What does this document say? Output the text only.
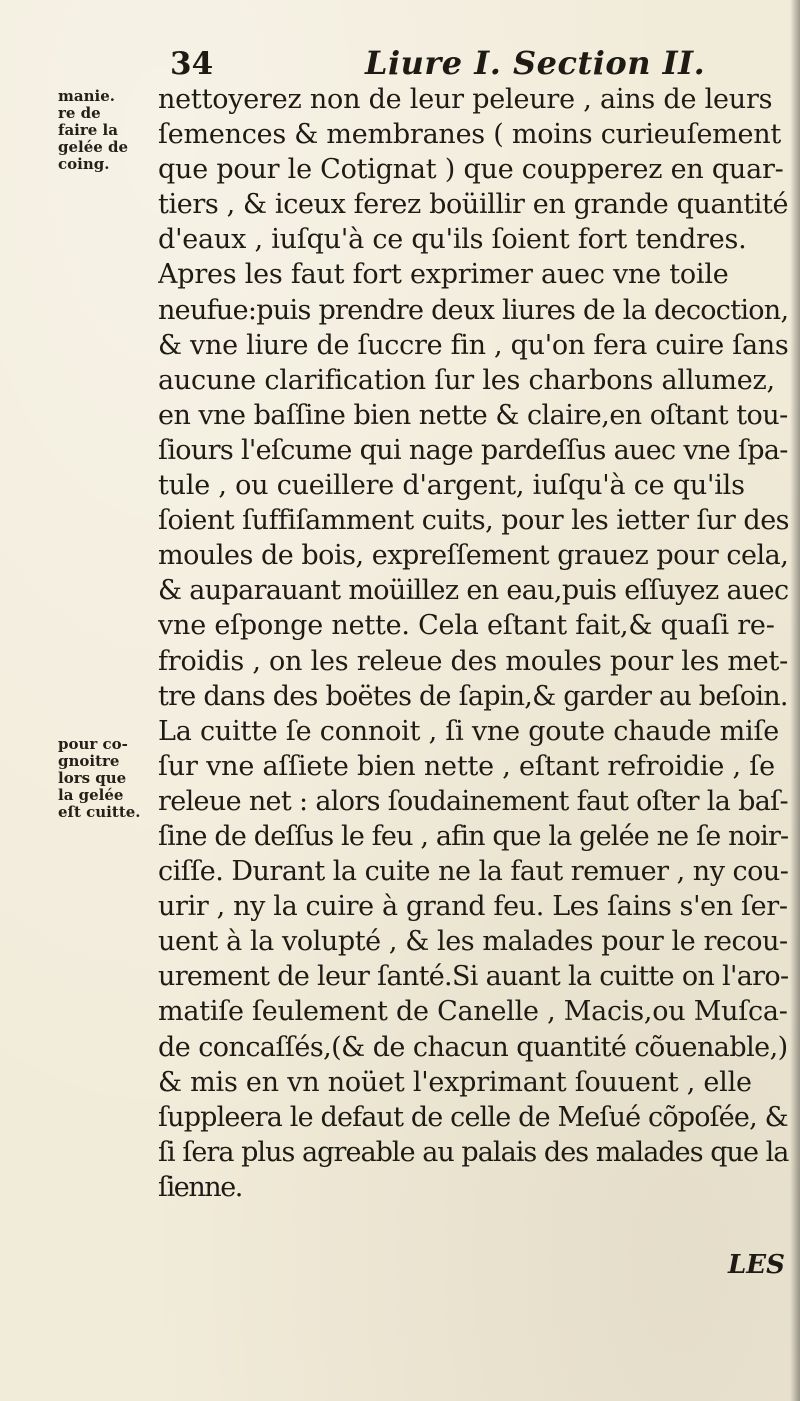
34	Liure I. Section II.
manie.
re de
faire la
gelée de
coing.
pour co-
gnoitre
lors que
la gelée
eſt cuitte.
nettoyerez non de leur peleure , ains de leurs
ſemences & membranes ( moins curieuſement
que pour le Cotignat ) que coupperez en quar-
tiers , & iceux ferez boüillir en grande quantité
d'eaux , iuſqu'à ce qu'ils ſoient fort tendres.
Apres les faut fort exprimer auec vne toile
neufue:puis prendre deux liures de la decoction,
& vne liure de ſuccre fin , qu'on fera cuire ſans
aucune clarification ſur les charbons allumez,
en vne baſſine bien nette & claire,en oſtant tou-
ſiours l'eſcume qui nage pardeſſus auec vne ſpa-
tule , ou cueillere d'argent, iuſqu'à ce qu'ils
ſoient ſuffiſamment cuits, pour les ietter ſur des
moules de bois, expreſſement grauez pour cela,
& auparauant moüillez en eau,puis eſſuyez auec
vne eſponge nette. Cela eſtant fait,& quaſi re-
froidis , on les releue des moules pour les met-
tre dans des boëtes de ſapin,& garder au beſoin.
La cuitte ſe connoit , ſi vne goute chaude miſe
ſur vne aſſiete bien nette , eſtant refroidie , ſe
releue net : alors ſoudainement faut oſter la baſ-
ſine de deſſus le feu , afin que la gelée ne ſe noir-
ciſſe. Durant la cuite ne la faut remuer , ny cou-
urir , ny la cuire à grand feu. Les ſains s'en ſer-
uent à la volupté , & les malades pour le recou-
urement de leur ſanté.Si auant la cuitte on l'aro-
matiſe ſeulement de Canelle , Macis,ou Muſca-
de concaſſés,(& de chacun quantité cõuenable,)
& mis en vn noüet l'exprimant ſouuent , elle
ſuppleera le defaut de celle de Meſué cõpoſée, &
ſi ſera plus agreable au palais des malades que la
ſienne.
LES
